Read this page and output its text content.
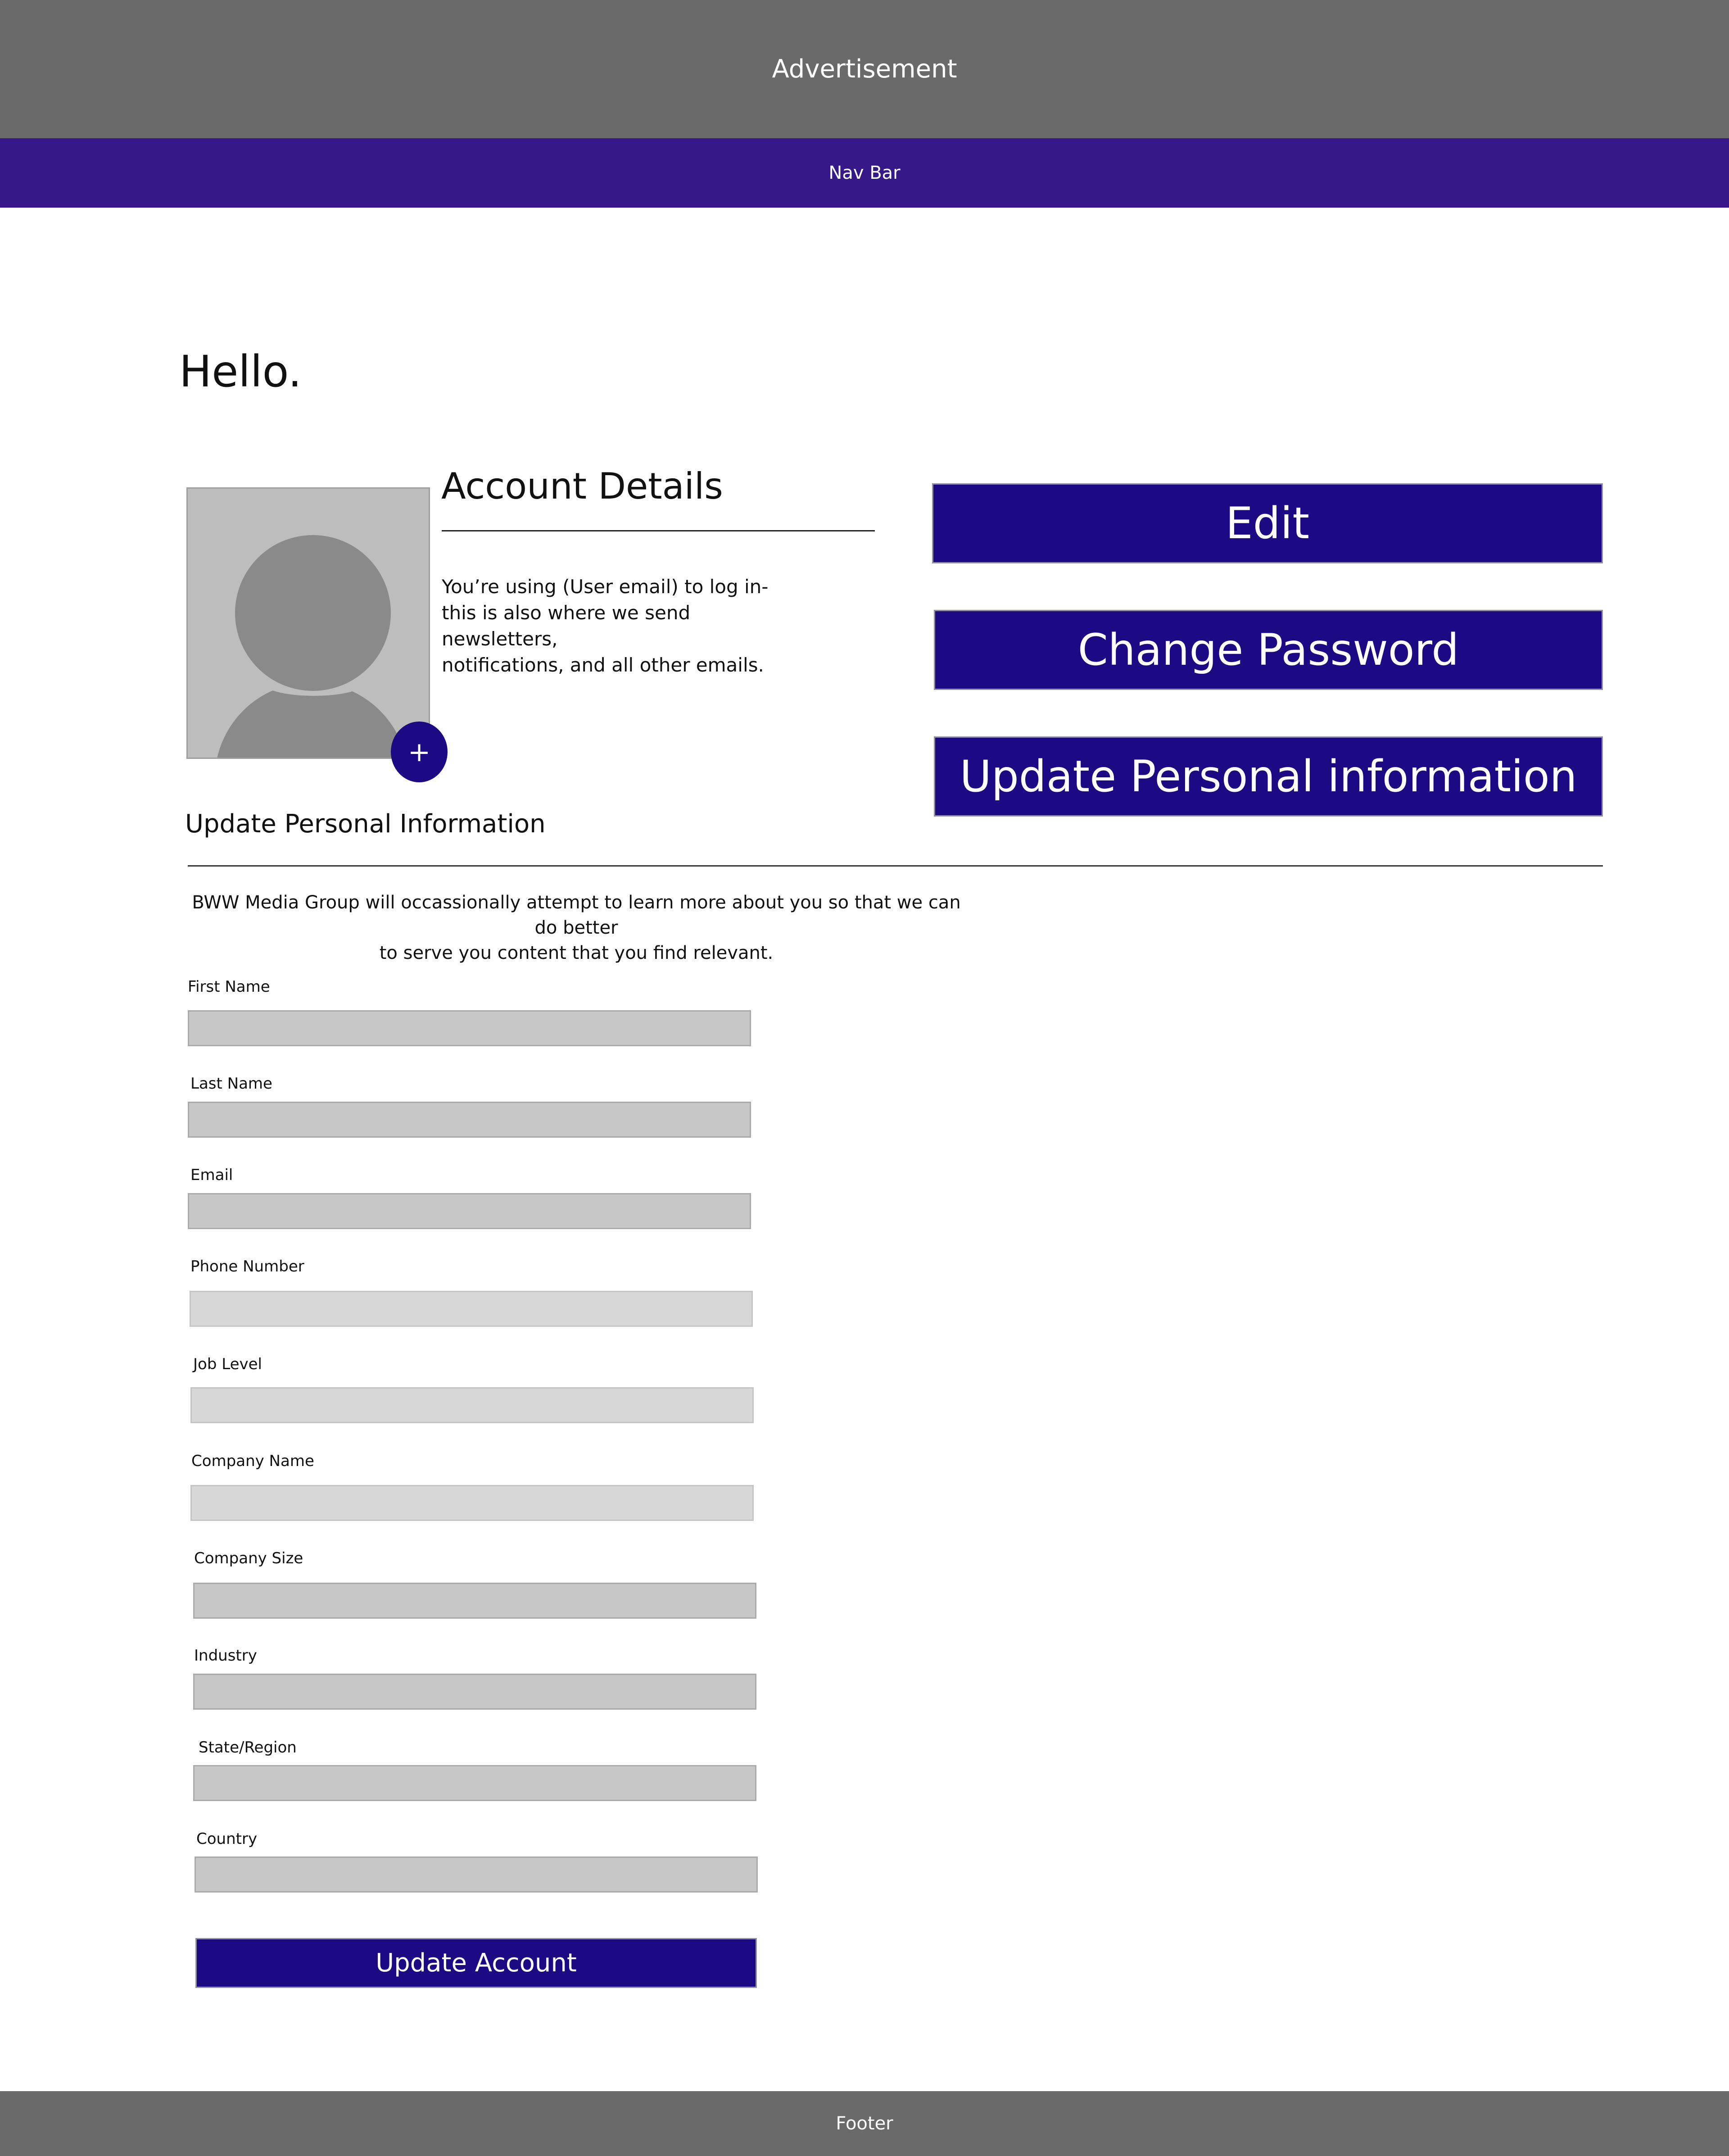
Advertisement
Nav Bar
Hello.
+
Account Details
You’re using (User email) to log in-
this is also where we send newsletters,
notifications, and all other emails.
Edit
Change Password
Update Personal information
Update Personal Information
BWW Media Group will occassionally attempt to learn more about you so that we can do better
to serve you content that you find relevant.
First Name
Last Name
Email
Phone Number
Job Level
Company Name
Company Size
Industry
State/Region
Country
Update Account
Footer
